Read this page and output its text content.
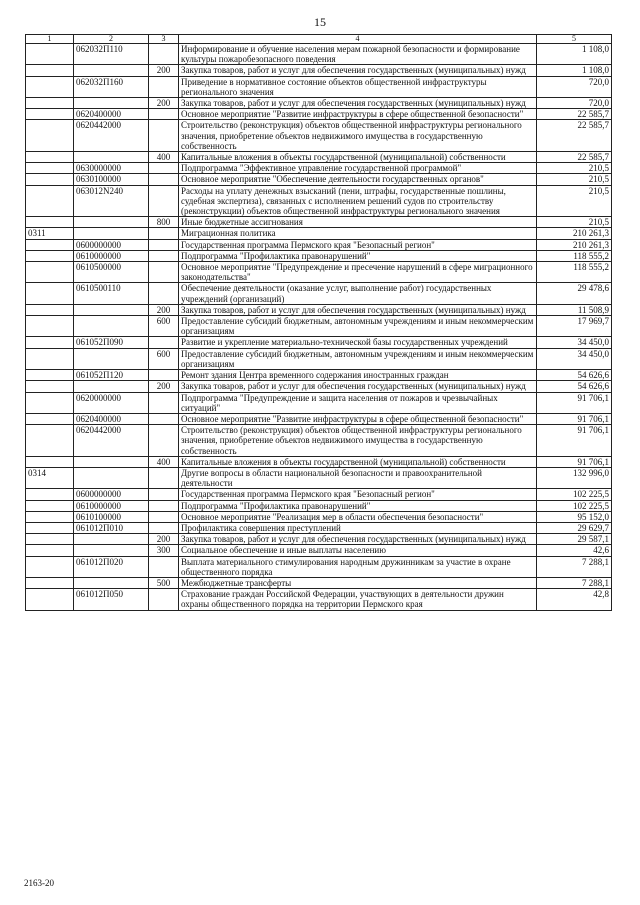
15
1	2	3	4	5
	062032П110		Информирование и обучение населения мерам пожарной безопасности и формирование культуры пожаробезопасного поведения	1 108,0
		200	Закупка товаров, работ и услуг для обеспечения государственных (муниципальных) нужд	1 108,0
	062032П160		Приведение в нормативное состояние объектов общественной инфраструктуры регионального значения	720,0
		200	Закупка товаров, работ и услуг для обеспечения государственных (муниципальных) нужд	720,0
	0620400000		Основное мероприятие "Развитие инфраструктуры в сфере общественной безопасности"	22 585,7
	0620442000		Строительство (реконструкция) объектов общественной инфраструктуры регионального значения, приобретение объектов недвижимого имущества в государственную собственность	22 585,7
		400	Капитальные вложения в объекты государственной (муниципальной) собственности	22 585,7
	0630000000		Подпрограмма "Эффективное управление государственной программой"	210,5
	0630100000		Основное мероприятие "Обеспечение деятельности государственных органов"	210,5
	063012N240		Расходы на уплату денежных взысканий (пени, штрафы, государственные пошлины, судебная экспертиза), связанных с исполнением решений судов по строительству (реконструкции) объектов общественной инфраструктуры регионального значения	210,5
		800	Иные бюджетные ассигнования	210,5
0311			Миграционная политика	210 261,3
	0600000000		Государственная программа Пермского края "Безопасный регион"	210 261,3
	0610000000		Подпрограмма "Профилактика правонарушений"	118 555,2
	0610500000		Основное мероприятие "Предупреждение и пресечение нарушений в сфере миграционного законодательства"	118 555,2
	0610500110		Обеспечение деятельности (оказание услуг, выполнение работ) государственных учреждений (организаций)	29 478,6
		200	Закупка товаров, работ и услуг для обеспечения государственных (муниципальных) нужд	11 508,9
		600	Предоставление субсидий бюджетным, автономным учреждениям и иным некоммерческим организациям	17 969,7
	061052П090		Развитие и укрепление материально-технической базы государственных учреждений	34 450,0
		600	Предоставление субсидий бюджетным, автономным учреждениям и иным некоммерческим организациям	34 450,0
	061052П120		Ремонт здания Центра временного содержания иностранных граждан	54 626,6
		200	Закупка товаров, работ и услуг для обеспечения государственных (муниципальных) нужд	54 626,6
	0620000000		Подпрограмма "Предупреждение и защита населения от пожаров и чрезвычайных ситуаций"	91 706,1
	0620400000		Основное мероприятие "Развитие инфраструктуры в сфере общественной безопасности"	91 706,1
	0620442000		Строительство (реконструкция) объектов общественной инфраструктуры регионального значения, приобретение объектов недвижимого имущества в государственную собственность	91 706,1
		400	Капитальные вложения в объекты государственной (муниципальной) собственности	91 706,1
0314			Другие вопросы в области национальной безопасности и правоохранительной деятельности	132 996,0
	0600000000		Государственная программа Пермского края "Безопасный регион"	102 225,5
	0610000000		Подпрограмма "Профилактика правонарушений"	102 225,5
	0610100000		Основное мероприятие "Реализация мер в области обеспечения безопасности"	95 152,0
	061012П010		Профилактика совершения преступлений	29 629,7
		200	Закупка товаров, работ и услуг для обеспечения государственных (муниципальных) нужд	29 587,1
		300	Социальное обеспечение и иные выплаты населению	42,6
	061012П020		Выплата материального стимулирования народным дружинникам за участие в охране общественного порядка	7 288,1
		500	Межбюджетные трансферты	7 288,1
	061012П050		Страхование граждан Российской Федерации, участвующих в деятельности дружин охраны общественного порядка на территории Пермского края	42,8
2163-20
